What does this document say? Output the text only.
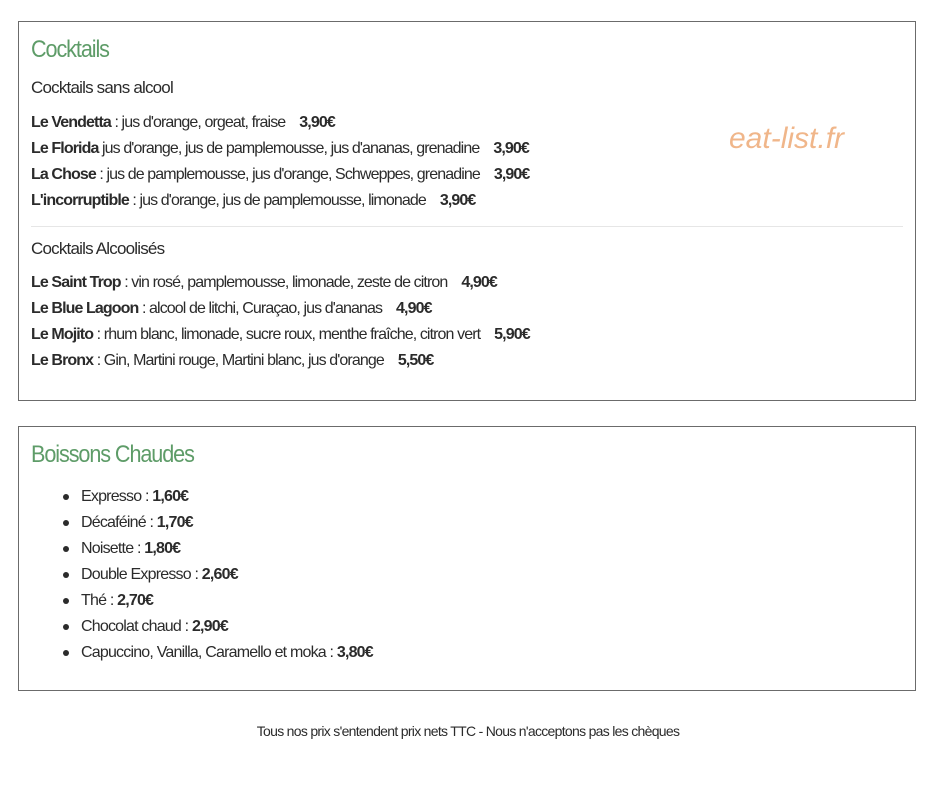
Cocktails
eat-list.fr
Cocktails sans alcool
Le Vendetta : jus d'orange, orgeat, fraise 3,90€
Le Florida jus d'orange, jus de pamplemousse, jus d'ananas, grenadine 3,90€
La Chose : jus de pamplemousse, jus d'orange, Schweppes, grenadine 3,90€
L'incorruptible : jus d'orange, jus de pamplemousse, limonade 3,90€
Cocktails Alcoolisés
Le Saint Trop : vin rosé, pamplemousse, limonade, zeste de citron 4,90€
Le Blue Lagoon : alcool de litchi, Curaçao, jus d'ananas 4,90€
Le Mojito : rhum blanc, limonade, sucre roux, menthe fraîche, citron vert 5,90€
Le Bronx : Gin, Martini rouge, Martini blanc, jus d'orange 5,50€
Boissons Chaudes
Expresso : 1,60€
Décaféiné : 1,70€
Noisette : 1,80€
Double Expresso : 2,60€
Thé : 2,70€
Chocolat chaud : 2,90€
Capuccino, Vanilla, Caramello et moka : 3,80€
Tous nos prix s'entendent prix nets TTC - Nous n'acceptons pas les chèques
